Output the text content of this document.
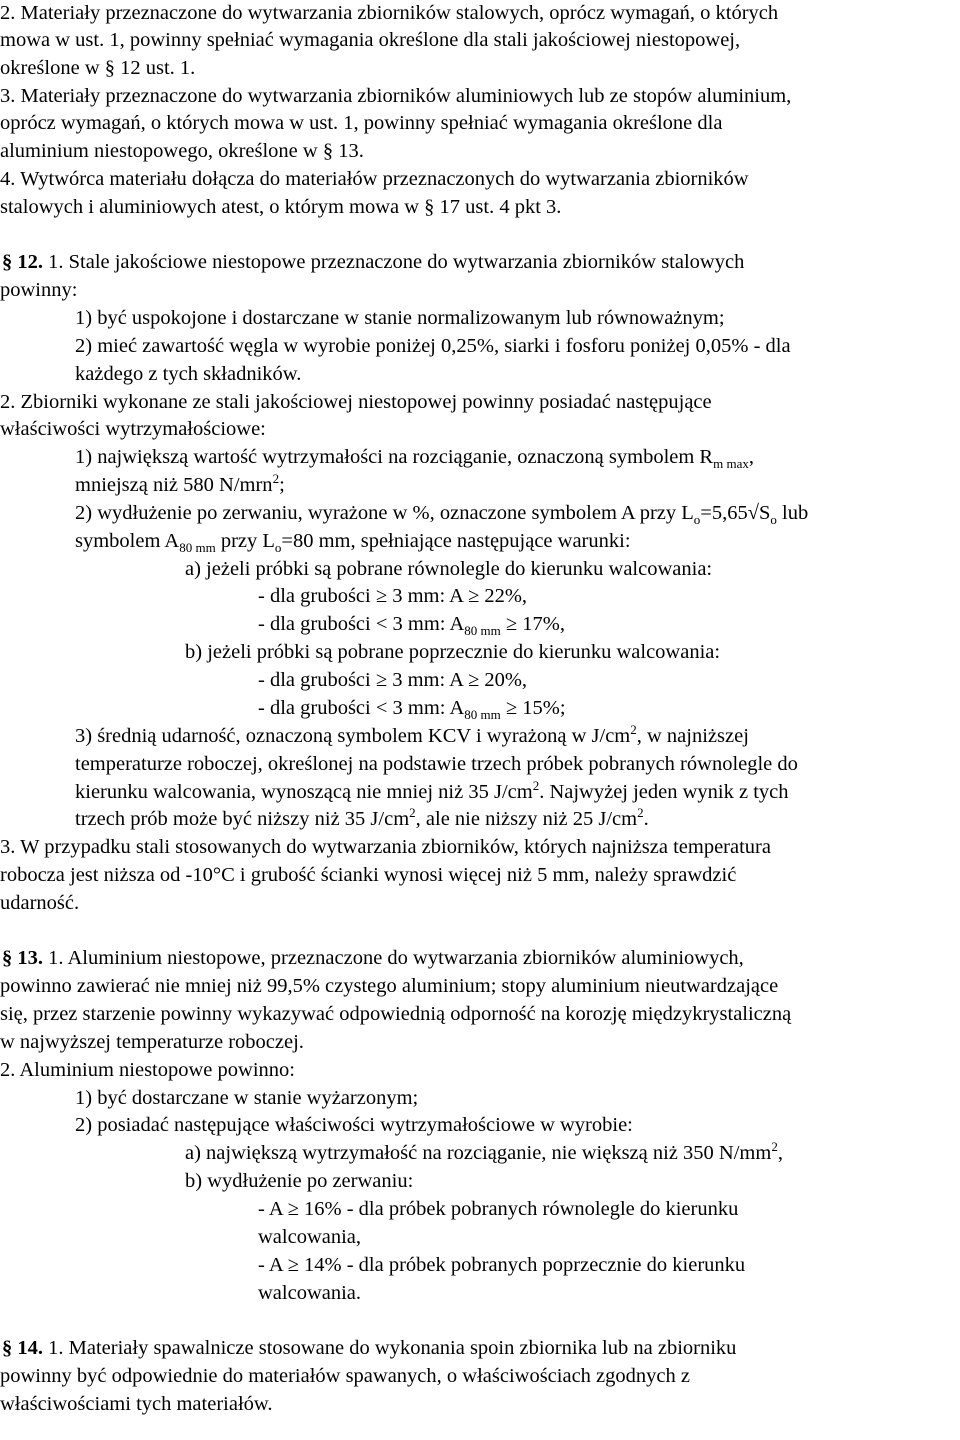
2. Materiały przeznaczone do wytwarzania zbiorników stalowych, oprócz wymagań, o których
mowa w ust. 1, powinny spełniać wymagania określone dla stali jakościowej niestopowej,
określone w § 12 ust. 1.
3. Materiały przeznaczone do wytwarzania zbiorników aluminiowych lub ze stopów aluminium,
oprócz wymagań, o których mowa w ust. 1, powinny spełniać wymagania określone dla
aluminium niestopowego, określone w § 13.
4. Wytwórca materiału dołącza do materiałów przeznaczonych do wytwarzania zbiorników
stalowych i aluminiowych atest, o którym mowa w § 17 ust. 4 pkt 3.
§ 12. 1. Stale jakościowe niestopowe przeznaczone do wytwarzania zbiorników stalowych
powinny:
1) być uspokojone i dostarczane w stanie normalizowanym lub równoważnym;
2) mieć zawartość węgla w wyrobie poniżej 0,25%, siarki i fosforu poniżej 0,05% - dla
każdego z tych składników.
2. Zbiorniki wykonane ze stali jakościowej niestopowej powinny posiadać następujące
właściwości wytrzymałościowe:
1) największą wartość wytrzymałości na rozciąganie, oznaczoną symbolem $R_{m max}$,
mniejszą niż 580 N/mrn$^2$;
2) wydłużenie po zerwaniu, wyrażone w %, oznaczone symbolem A przy $L_o=5,65√S_o$ lub
symbolem $A_{80 mm}$ przy $L_o=80$ mm, spełniające następujące warunki:
a) jeżeli próbki są pobrane równolegle do kierunku walcowania:
- dla grubości ≥ 3 mm: A ≥ 22%,
- dla grubości < 3 mm: $A_{80 mm} \ge 17\%$,
b) jeżeli próbki są pobrane poprzecznie do kierunku walcowania:
- dla grubości ≥ 3 mm: A ≥ 20%,
- dla grubości < 3 mm: $A_{80 mm} \ge 15\%$;
3) średnią udarność, oznaczoną symbolem KCV i wyrażoną w $J/cm^2$, w najniższej
temperaturze roboczej, określonej na podstawie trzech próbek pobranych równolegle do
kierunku walcowania, wynoszącą nie mniej niż 35 $J/cm^2$. Najwyżej jeden wynik z tych
trzech prób może być niższy niż 35 $J/cm^2$, ale nie niższy niż 25 $J/cm^2$.
3. W przypadku stali stosowanych do wytwarzania zbiorników, których najniższa temperatura
robocza jest niższa od -10°C i grubość ścianki wynosi więcej niż 5 mm, należy sprawdzić
udarność.
§ 13. 1. Aluminium niestopowe, przeznaczone do wytwarzania zbiorników aluminiowych,
powinno zawierać nie mniej niż 99,5% czystego aluminium; stopy aluminium nieutwardzające
się, przez starzenie powinny wykazywać odpowiednią odporność na korozję międzykrystaliczną
w najwyższej temperaturze roboczej.
2. Aluminium niestopowe powinno:
1) być dostarczane w stanie wyżarzonym;
2) posiadać następujące właściwości wytrzymałościowe w wyrobie:
a) największą wytrzymałość na rozciąganie, nie większą niż 350 $N/mm^2$,
b) wydłużenie po zerwaniu:
- A ≥ 16% - dla próbek pobranych równolegle do kierunku
walcowania,
- A ≥ 14% - dla próbek pobranych poprzecznie do kierunku
walcowania.
§ 14. 1. Materiały spawalnicze stosowane do wykonania spoin zbiornika lub na zbiorniku
powinny być odpowiednie do materiałów spawanych, o właściwościach zgodnych z
właściwościami tych materiałów.
